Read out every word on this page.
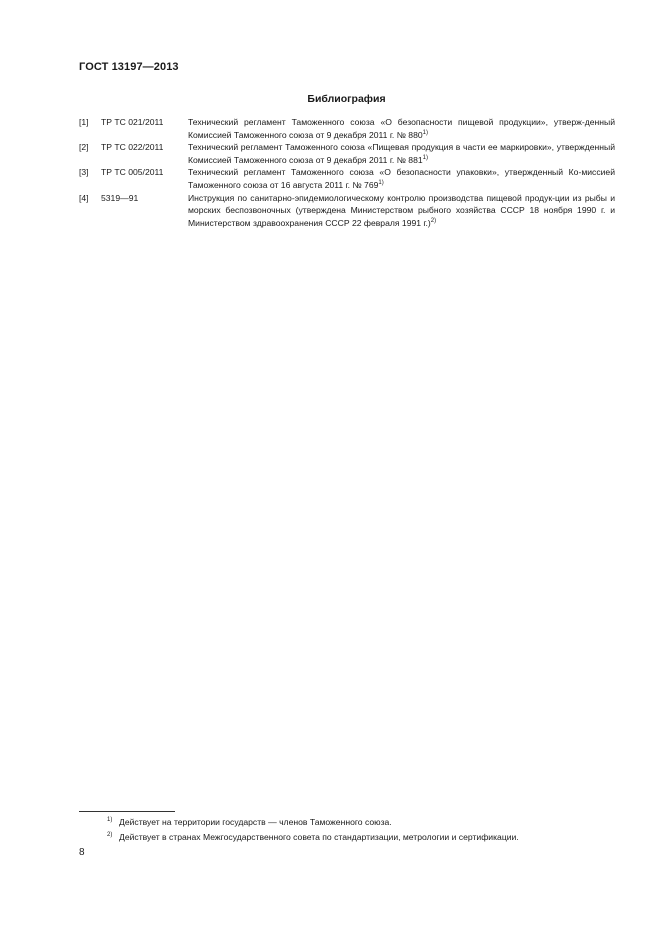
ГОСТ 13197—2013
Библиография
[1]	ТР ТС 021/2011	Технический регламент Таможенного союза «О безопасности пищевой продукции», утверж-денный Комиссией Таможенного союза от 9 декабря 2011 г. № 880$^{1)}$
[2]	ТР ТС 022/2011	Технический регламент Таможенного союза «Пищевая продукция в части ее маркировки», утвержденный Комиссией Таможенного союза от 9 декабря 2011 г. № 881$^{1)}$
[3]	ТР ТС 005/2011	Технический регламент Таможенного союза «О безопасности упаковки», утвержденный Ко-миссией Таможенного союза от 16 августа 2011 г. № 769$^{1)}$
[4]	5319—91	Инструкция по санитарно-эпидемиологическому контролю производства пищевой продук-ции из рыбы и морских беспозвоночных (утверждена Министерством рыбного хозяйства СССР 18 ноября 1990 г. и Министерством здравоохранения СССР 22 февраля 1991 г.)$^{2)}$
$^{1)}$ Действует на территории государств — членов Таможенного союза.
$^{2)}$ Действует в странах Межгосударственного совета по стандартизации, метрологии и сертификации.
8
